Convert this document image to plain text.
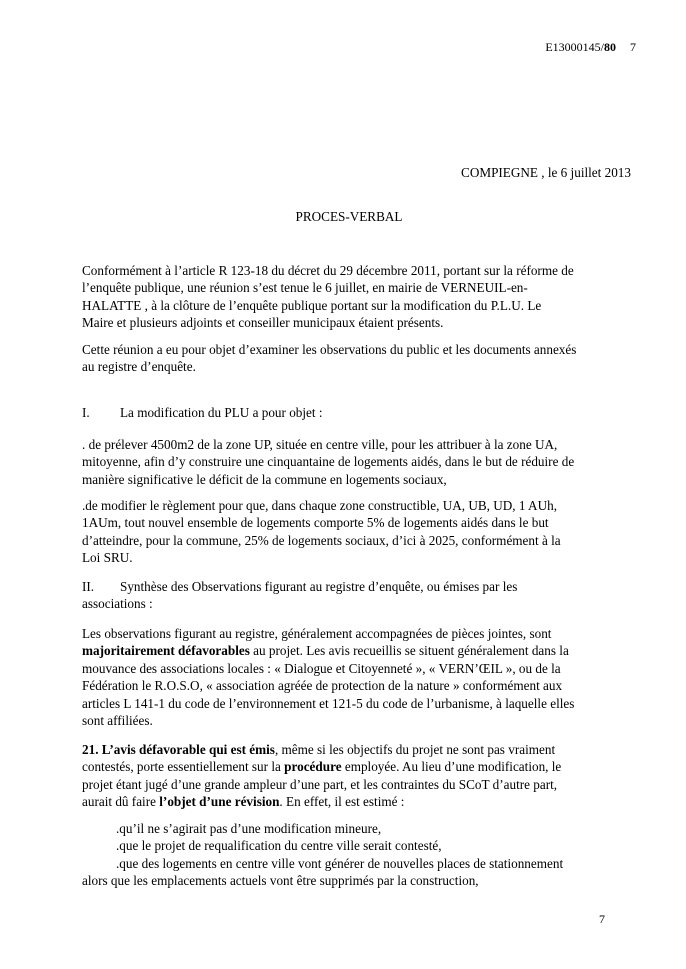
E13000145/80 7
COMPIEGNE , le 6 juillet 2013
PROCES-VERBAL
Conformément à l’article R 123-18 du décret du 29 décembre 2011, portant sur la réforme de
l’enquête publique, une réunion s’est tenue le 6 juillet, en mairie de VERNEUIL-en-
HALATTE , à la clôture de l’enquête publique portant sur la modification du P.L.U. Le
Maire et plusieurs adjoints et conseiller municipaux étaient présents.
Cette réunion a eu pour objet d’examiner les observations du public et les documents annexés
au registre d’enquête.
I. La modification du PLU a pour objet :
. de prélever 4500m2 de la zone UP, située en centre ville, pour les attribuer à la zone UA,
mitoyenne, afin d’y construire une cinquantaine de logements aidés, dans le but de réduire de
manière significative le déficit de la commune en logements sociaux,
.de modifier le règlement pour que, dans chaque zone constructible, UA, UB, UD, 1 AUh,
1AUm, tout nouvel ensemble de logements comporte 5% de logements aidés dans le but
d’atteindre, pour la commune, 25% de logements sociaux, d’ici à 2025, conformément à la
Loi SRU.
II. Synthèse des Observations figurant au registre d’enquête, ou émises par les
associations :
Les observations figurant au registre, généralement accompagnées de pièces jointes, sont
majoritairement défavorables au projet. Les avis recueillis se situent généralement dans la
mouvance des associations locales : « Dialogue et Citoyenneté », « VERN’ŒIL », ou de la
Fédération le R.O.S.O, « association agréée de protection de la nature » conformément aux
articles L 141-1 du code de l’environnement et 121-5 du code de l’urbanisme, à laquelle elles
sont affiliées.
21. L’avis défavorable qui est émis, même si les objectifs du projet ne sont pas vraiment
contestés, porte essentiellement sur la procédure employée. Au lieu d’une modification, le
projet étant jugé d’une grande ampleur d’une part, et les contraintes du SCoT d’autre part,
aurait dû faire l’objet d’une révision. En effet, il est estimé :
.qu’il ne s’agirait pas d’une modification mineure,
.que le projet de requalification du centre ville serait contesté,
.que des logements en centre ville vont générer de nouvelles places de stationnement
alors que les emplacements actuels vont être supprimés par la construction,
7
